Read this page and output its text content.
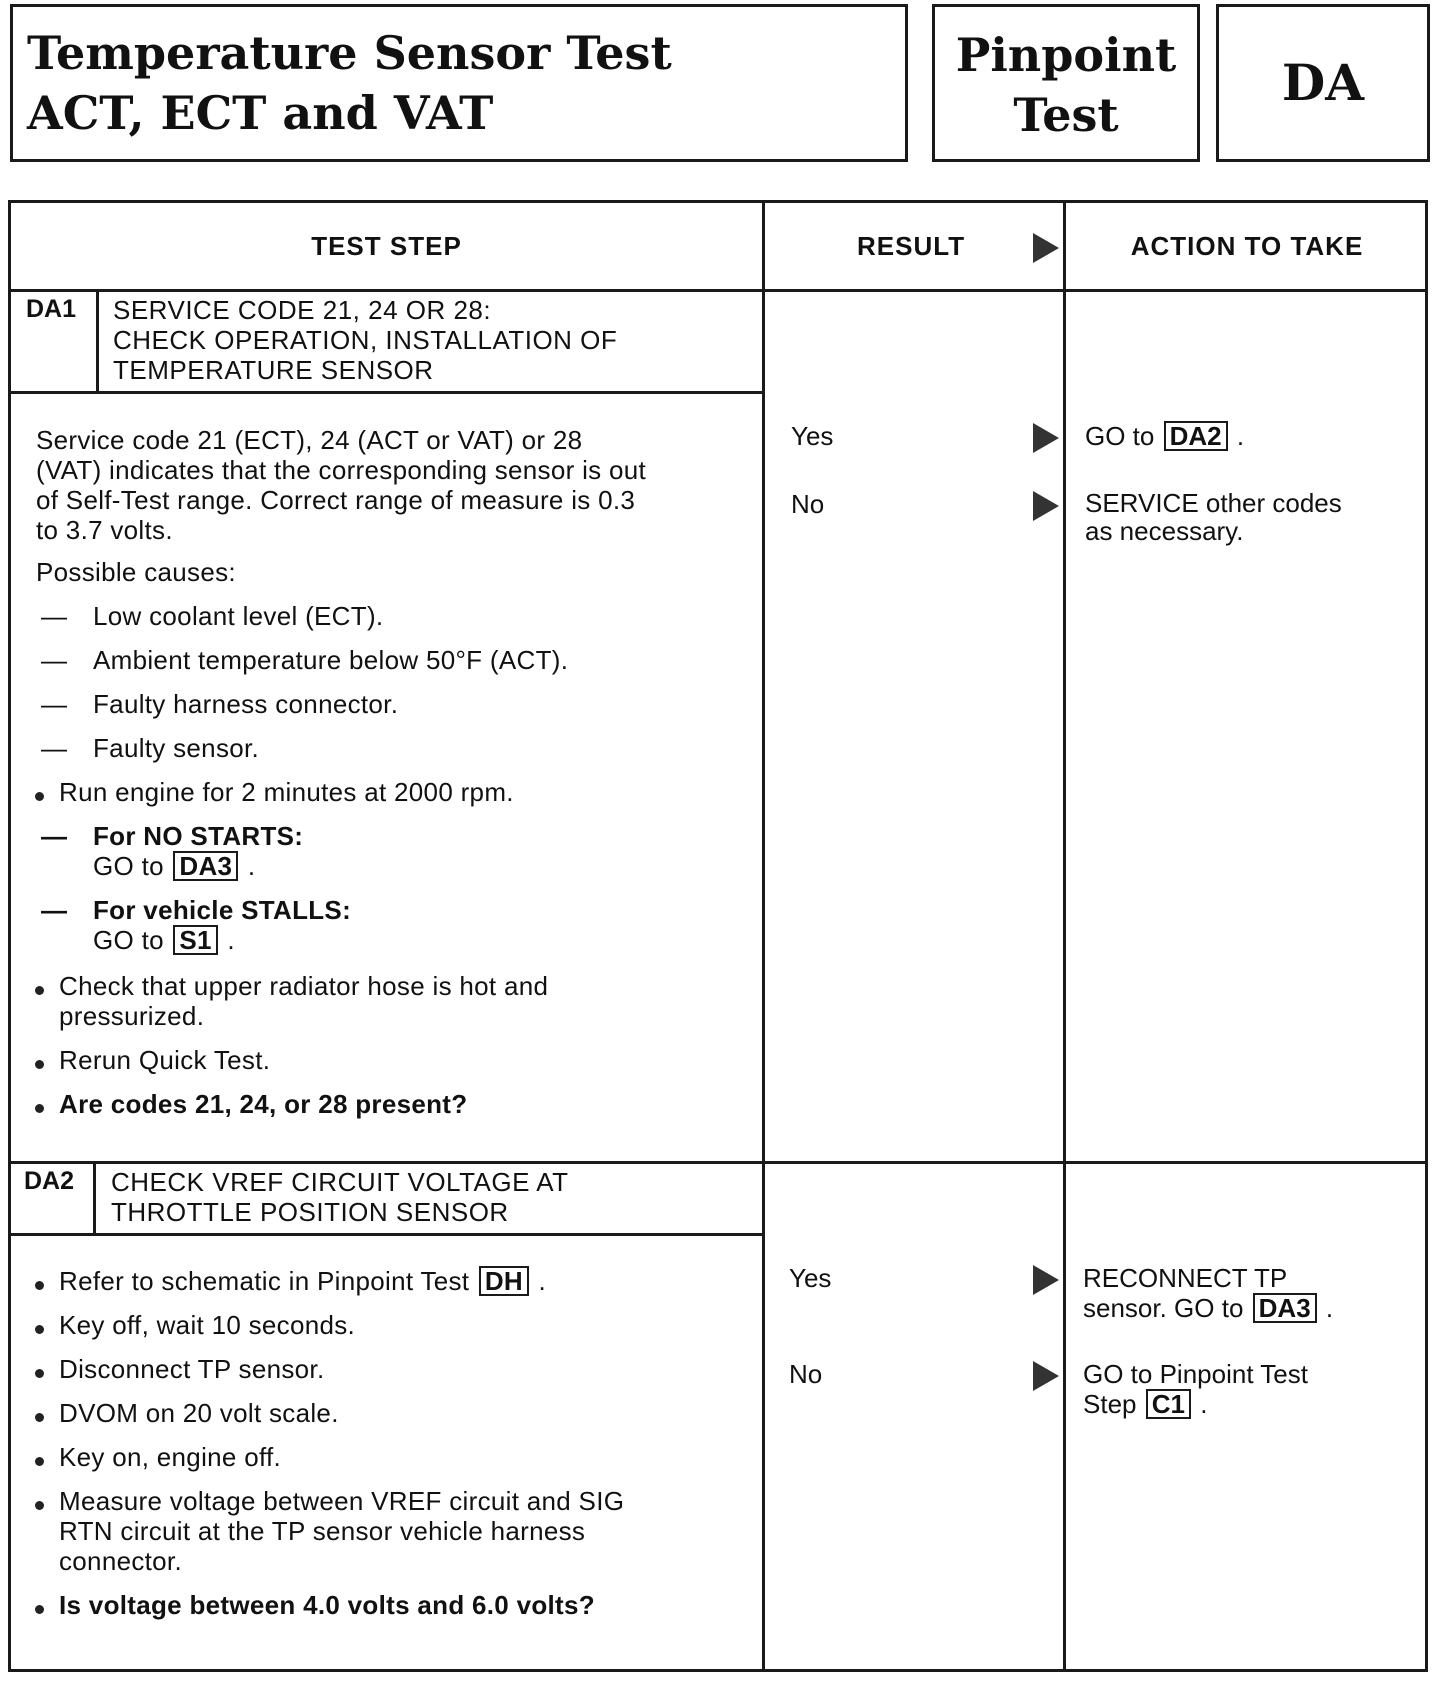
Temperature Sensor Test
ACT, ECT and VAT
Pinpoint
Test
DA
TEST STEP	RESULT	ACTION TO TAKE
DA1 SERVICE CODE 21, 24 OR 28:
CHECK OPERATION, INSTALLATION OF
TEMPERATURE SENSOR
Service code 21 (ECT), 24 (ACT or VAT) or 28
(VAT) indicates that the corresponding sensor is out
of Self-Test range. Correct range of measure is 0.3
to 3.7 volts.
Possible causes:
— Low coolant level (ECT).
— Ambient temperature below 50°F (ACT).
— Faulty harness connector.
— Faulty sensor.
Run engine for 2 minutes at 2000 rpm.
— For NO STARTS:
GO to DA3 .
— For vehicle STALLS:
GO to S1 .
Check that upper radiator hose is hot and
pressurized.
Rerun Quick Test.
Are codes 21, 24, or 28 present?
Yes	GO to DA2 .
No	SERVICE other codes
as necessary.
DA2 CHECK VREF CIRCUIT VOLTAGE AT
THROTTLE POSITION SENSOR
Refer to schematic in Pinpoint Test DH .
Key off, wait 10 seconds.
Disconnect TP sensor.
DVOM on 20 volt scale.
Key on, engine off.
Measure voltage between VREF circuit and SIG
RTN circuit at the TP sensor vehicle harness
connector.
Is voltage between 4.0 volts and 6.0 volts?
Yes	RECONNECT TP
sensor. GO to DA3 .
No	GO to Pinpoint Test
Step C1 .
